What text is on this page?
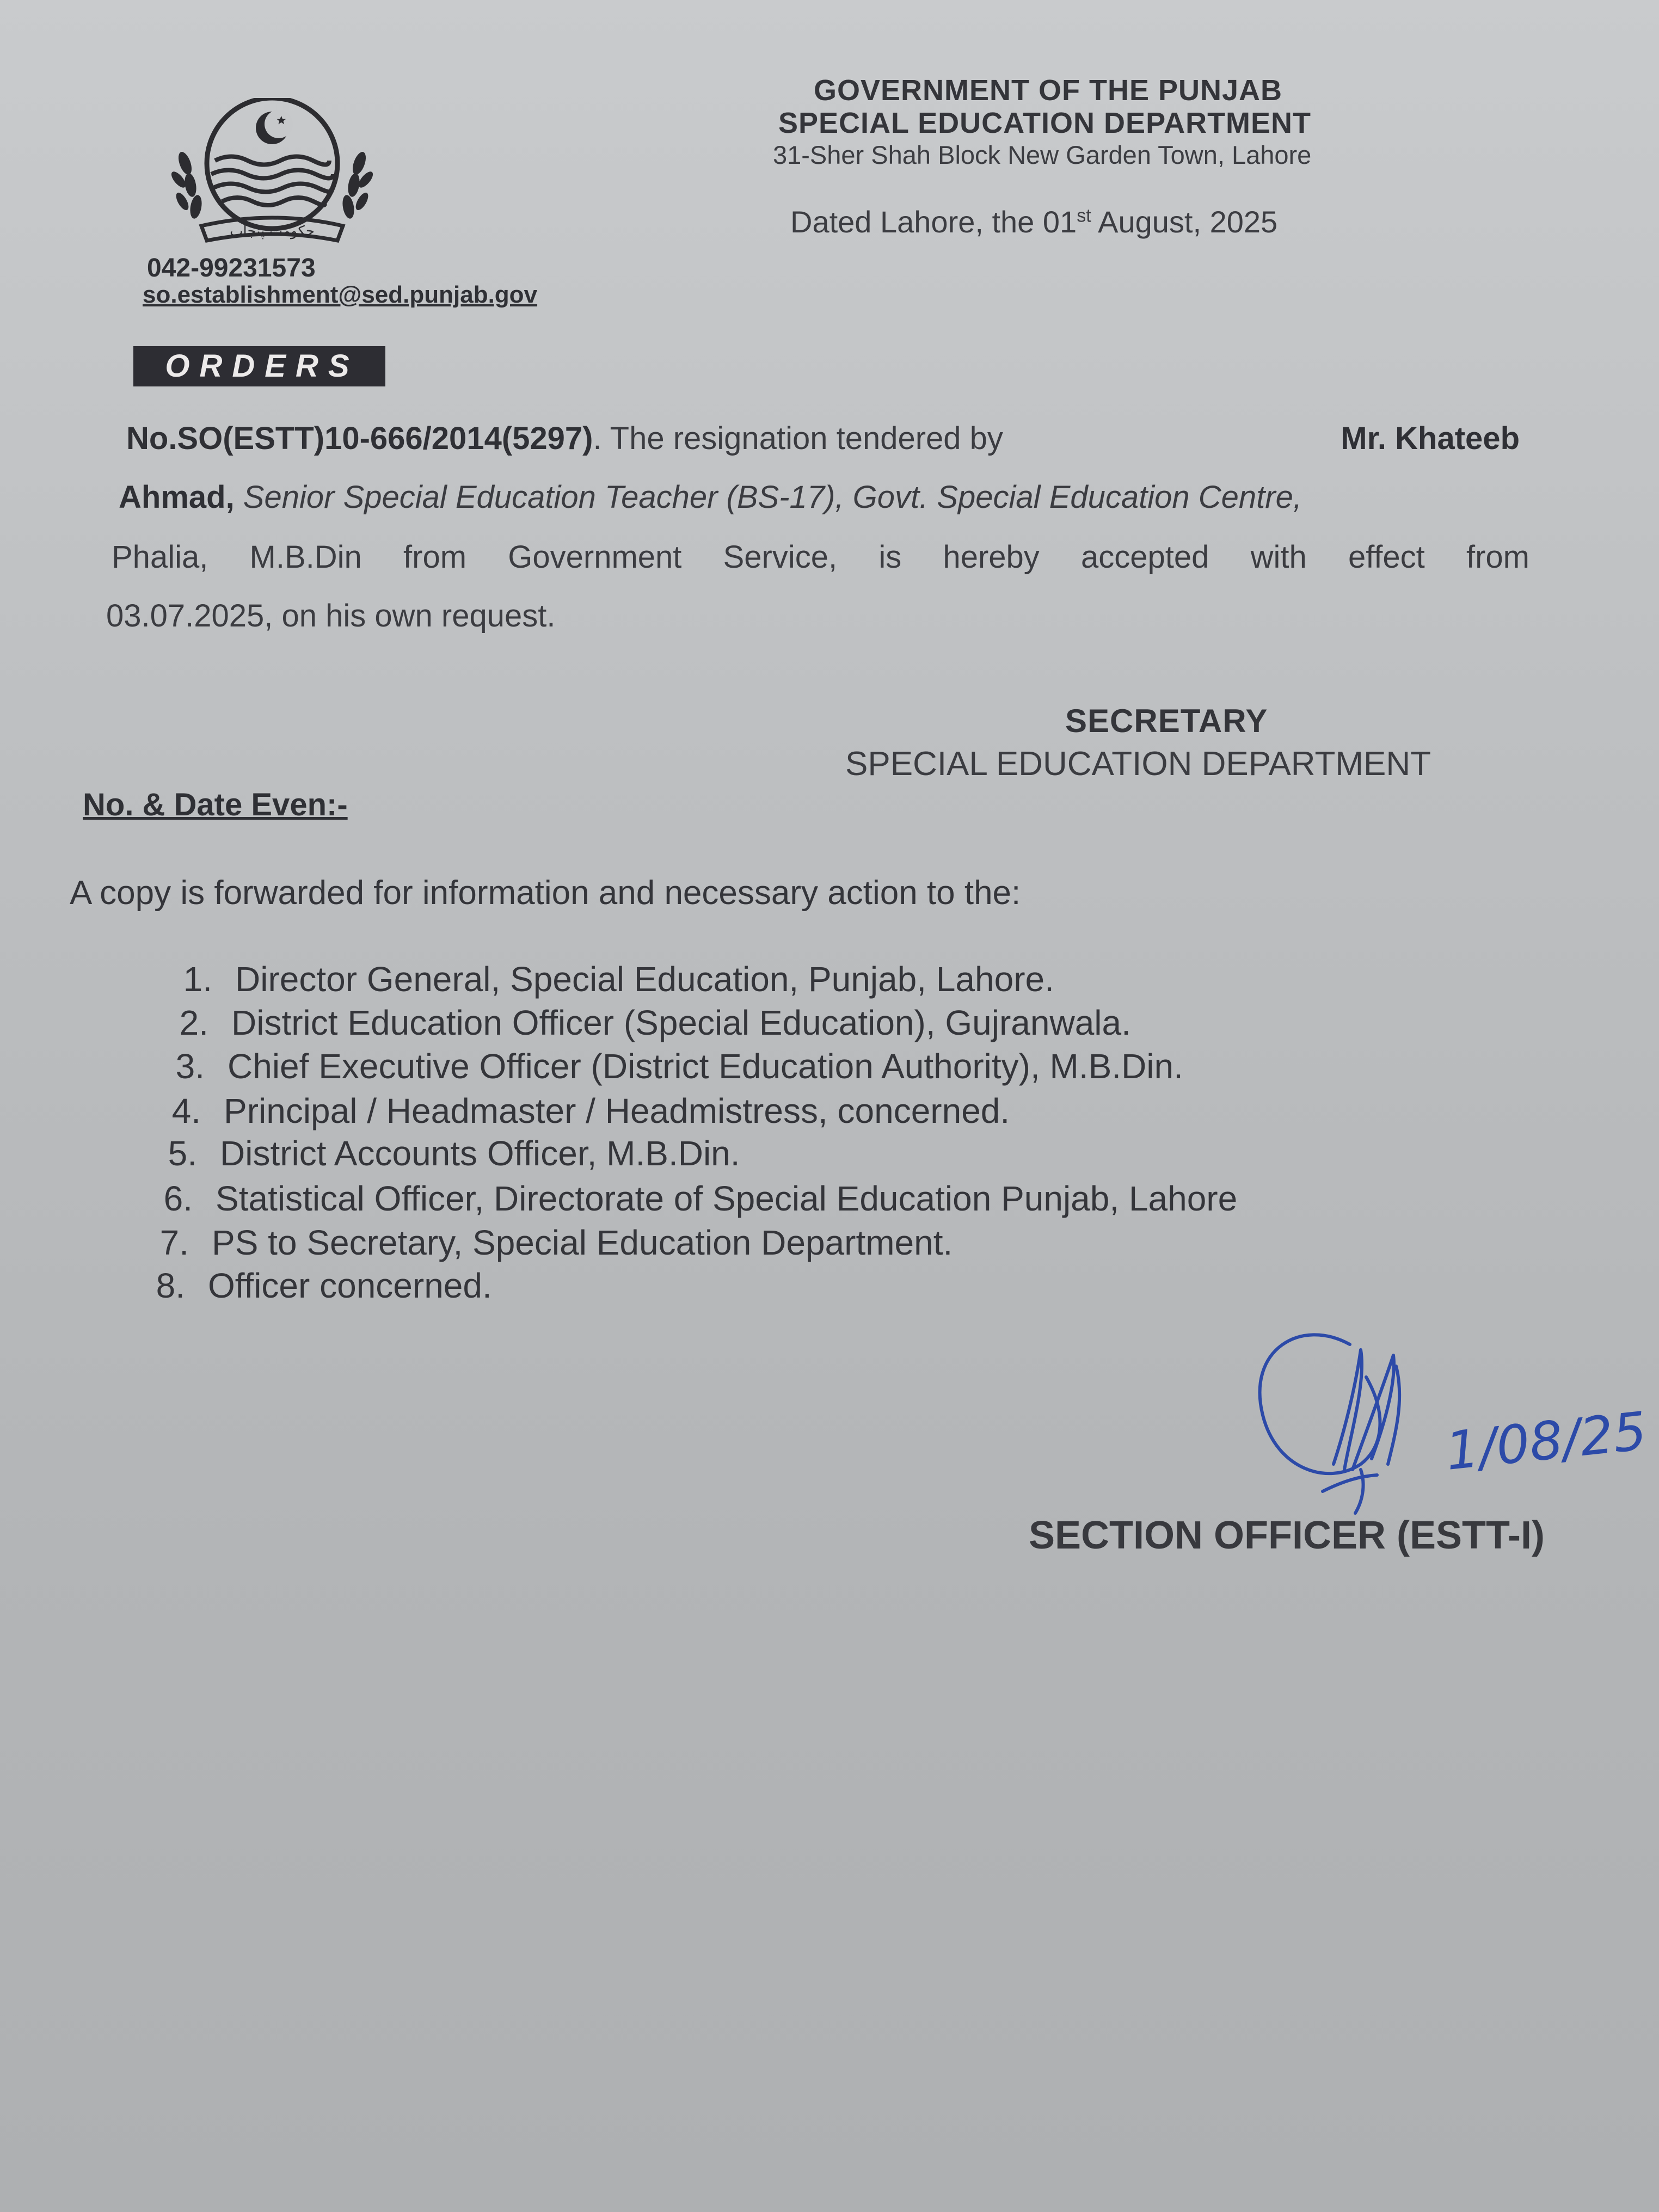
حکومت پنجاب
GOVERNMENT OF THE PUNJAB
SPECIAL EDUCATION DEPARTMENT
31-Sher Shah Block New Garden Town, Lahore
Dated Lahore, the 01st August, 2025
042-99231573
so.establishment@sed.punjab.gov
ORDERS
No.SO(ESTT)10-666/2014(5297). The resignation tendered by	Mr. Khateeb
Ahmad, Senior Special Education Teacher (BS-17), Govt. Special Education Centre,
Phalia, M.B.Din from Government Service, is hereby accepted with effect from
03.07.2025, on his own request.
SECRETARY
SPECIAL EDUCATION DEPARTMENT
No. & Date Even:-
A copy is forwarded for information and necessary action to the:
1. Director General, Special Education, Punjab, Lahore.
2. District Education Officer (Special Education), Gujranwala.
3. Chief Executive Officer (District Education Authority), M.B.Din.
4. Principal / Headmaster / Headmistress, concerned.
5. District Accounts Officer, M.B.Din.
6. Statistical Officer, Directorate of Special Education Punjab, Lahore
7. PS to Secretary, Special Education Department.
8. Officer concerned.
1/08/25
SECTION OFFICER (ESTT-I)
